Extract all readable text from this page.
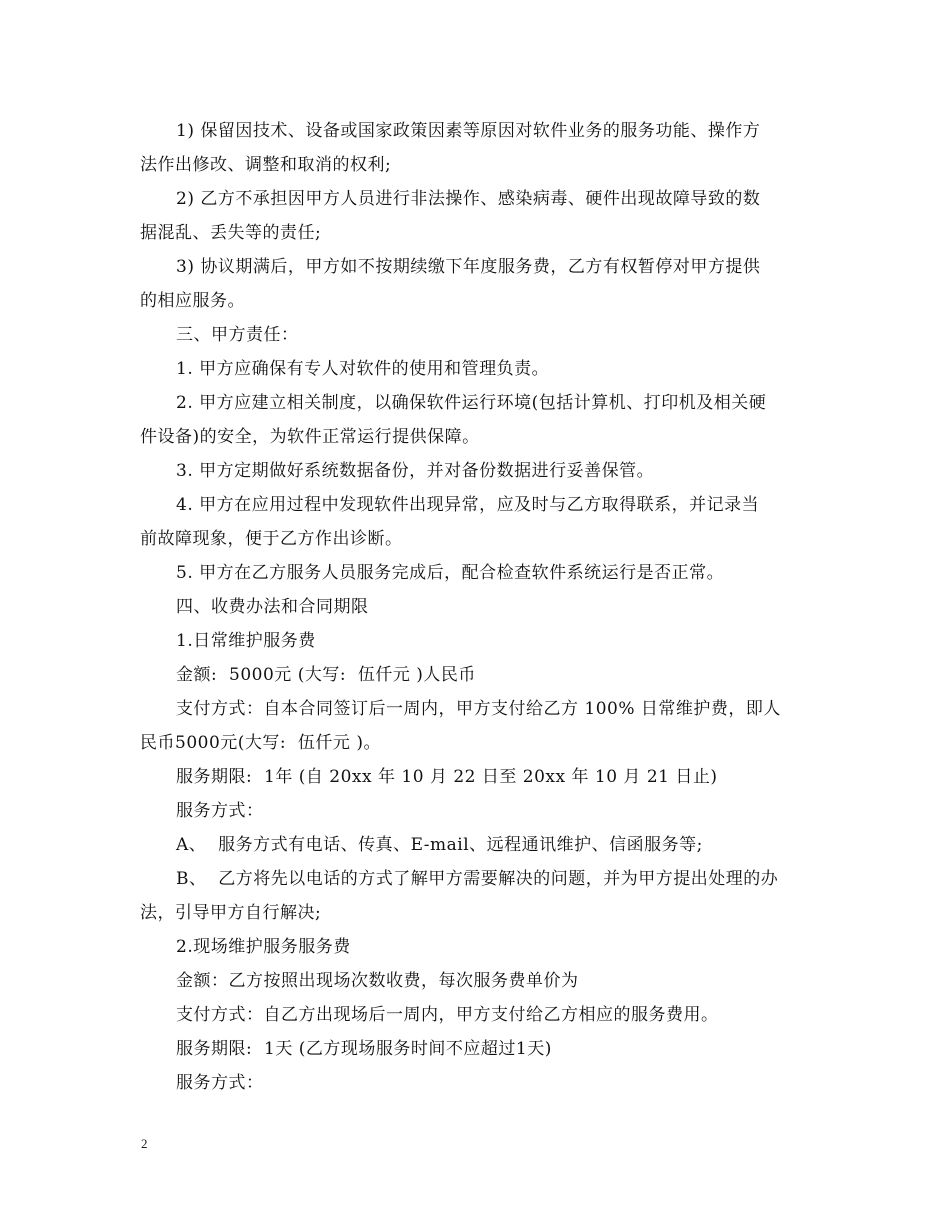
1) 保留因技术、设备或国家政策因素等原因对软件业务的服务功能、操作方
法作出修改、调整和取消的权利;
2) 乙方不承担因甲方人员进行非法操作、感染病毒、硬件出现故障导致的数
据混乱、丢失等的责任;
3) 协议期满后，甲方如不按期续缴下年度服务费，乙方有权暂停对甲方提供
的相应服务。
三、甲方责任：
1. 甲方应确保有专人对软件的使用和管理负责。
2. 甲方应建立相关制度，以确保软件运行环境(包括计算机、打印机及相关硬
件设备)的安全，为软件正常运行提供保障。
3. 甲方定期做好系统数据备份，并对备份数据进行妥善保管。
4. 甲方在应用过程中发现软件出现异常，应及时与乙方取得联系，并记录当
前故障现象，便于乙方作出诊断。
5. 甲方在乙方服务人员服务完成后，配合检查软件系统运行是否正常。
四、收费办法和合同期限
1.日常维护服务费
金额:  5000元 (大写:  伍仟元 )人民币
支付方式：自本合同签订后一周内，甲方支付给乙方 100% 日常维护费，即人
民币5000元(大写:  伍仟元 )。
服务期限:  1年 (自 20xx 年 10 月 22 日至 20xx 年 10 月 21 日止)
服务方式：
A、  服务方式有电话、传真、E-mail、远程通讯维护、信函服务等;
B、  乙方将先以电话的方式了解甲方需要解决的问题，并为甲方提出处理的办
法，引导甲方自行解决;
2.现场维护服务服务费
金额：乙方按照出现场次数收费，每次服务费单价为
支付方式：自乙方出现场后一周内，甲方支付给乙方相应的服务费用。
服务期限:  1天 (乙方现场服务时间不应超过1天)
服务方式：
2
